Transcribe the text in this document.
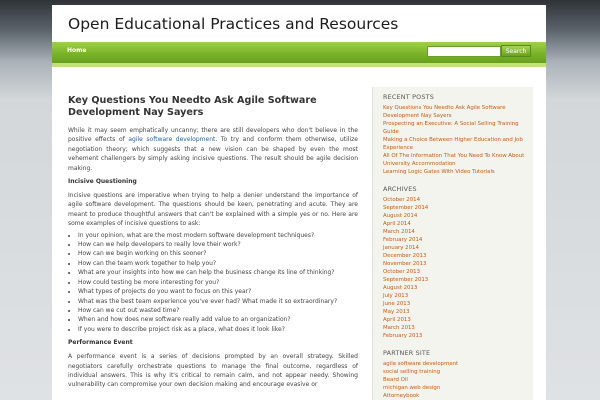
Open Educational Practices and Resources
Home	Search
Key Questions You Needto Ask Agile Software Development Nay Sayers

While it may seem emphatically uncanny; there are still developers who don't believe in the positive effects of agile software development. To try and conform them otherwise, utilize negotiation theory; which suggests that a new vision can be shaped by even the most vehement challengers by simply asking incisive questions. The result should be agile decision making.

Incisive Questioning

Incisive questions are imperative when trying to help a denier understand the importance of agile software development. The questions should be keen, penetrating and acute. They are meant to produce thoughtful answers that can't be explained with a simple yes or no. Here are some examples of incisive questions to ask:

• In your opinion, what are the most modern software development techniques?
• How can we help developers to really love their work?
• How can we begin working on this sooner?
• How can the team work together to help you?
• What are your insights into how we can help the business change its line of thinking?
• How could testing be more interesting for you?
• What types of projects do you want to focus on this year?
• What was the best team experience you've ever had? What made it so extraordinary?
• How can we cut out wasted time?
• When and how does new software really add value to an organization?
• If you were to describe project risk as a place, what does it look like?

Performance Event

A performance event is a series of decisions prompted by an overall strategy. Skilled negotiators carefully orchestrate questions to manage the final outcome, regardless of individual answers. This is why it's critical to remain calm, and not appear needy. Showing vulnerability can compromise your own decision making and encourage evasive or

RECENT POSTS
Key Questions You Needto Ask Agile Software Development Nay Sayers
Prospecting an Executive: A Social Selling Training Guide
Making a Choice Between Higher Education and Job Experience
All Of The Information That You Need To Know About University Accommodation
Learning Logic Gates With Video Tutorials
ARCHIVES
October 2014
September 2014
August 2014
April 2014
March 2014
February 2014
January 2014
December 2013
November 2013
October 2013
September 2013
August 2013
July 2013
June 2013
May 2013
April 2013
March 2013
February 2013
PARTNER SITE
agile software development
social selling training
Beard Oil
michigan web design
Attorneybook
